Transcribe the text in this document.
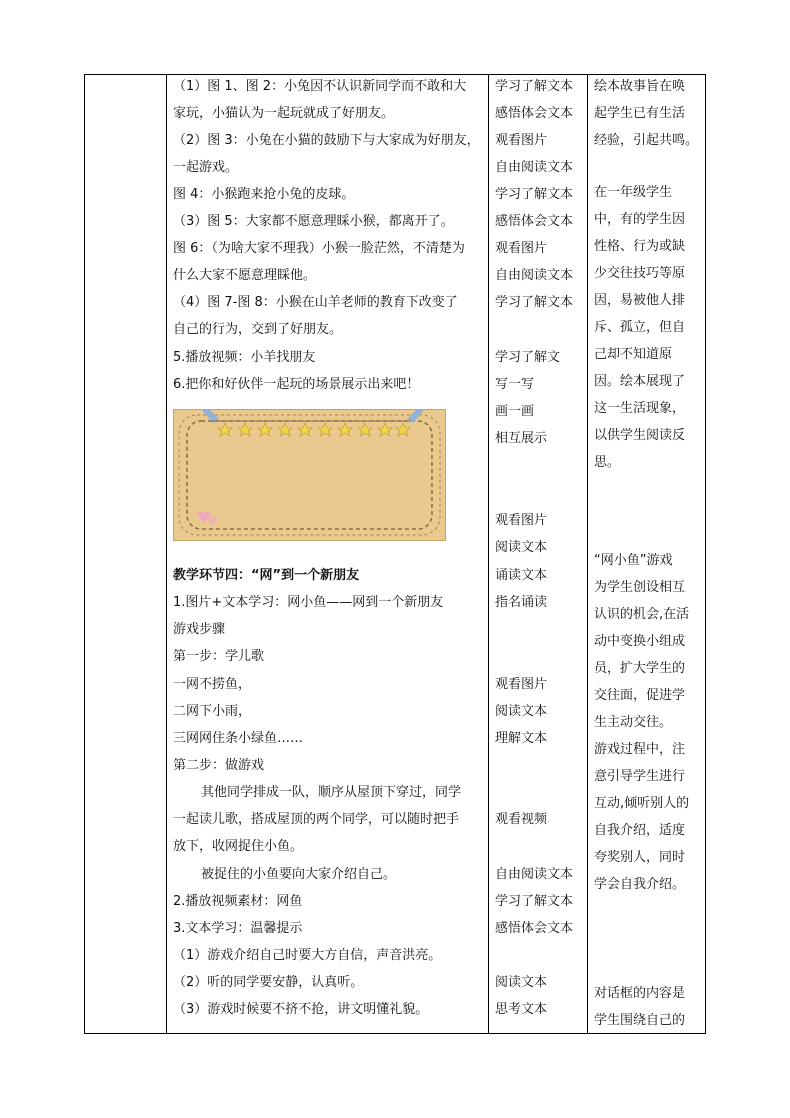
（1）图 1、图 2：小兔因不认识新同学而不敢和大
家玩，小猫认为一起玩就成了好朋友。
（2）图 3：小兔在小猫的鼓励下与大家成为好朋友，
一起游戏。
图 4：小猴跑来抢小兔的皮球。
（3）图 5：大家都不愿意理睬小猴，都离开了。
图 6：（为啥大家不理我）小猴一脸茫然，不清楚为
什么大家不愿意理睬他。
（4）图 7-图 8：小猴在山羊老师的教育下改变了
自己的行为，交到了好朋友。
5.播放视频：小羊找朋友
6.把你和好伙伴一起玩的场景展示出来吧！
教学环节四：“网”到一个新朋友
1.图片+文本学习：网小鱼——网到一个新朋友
游戏步骤
第一步：学儿歌
一网不捞鱼，
二网下小雨，
三网网住条小绿鱼……
第二步：做游戏
其他同学排成一队，顺序从屋顶下穿过，同学
一起读儿歌，搭成屋顶的两个同学，可以随时把手
放下，收网捉住小鱼。
被捉住的小鱼要向大家介绍自己。
2.播放视频素材：网鱼
3.文本学习：温馨提示
（1）游戏介绍自己时要大方自信，声音洪亮。
（2）听的同学要安静，认真听。
（3）游戏时候要不挤不抢，讲文明懂礼貌。
学习了解文本
感悟体会文本
观看图片
自由阅读文本
学习了解文本
感悟体会文本
观看图片
自由阅读文本
学习了解文本
学习了解文
写一写
画一画
相互展示
观看图片
阅读文本
诵读文本
指名诵读
观看图片
阅读文本
理解文本
观看视频
自由阅读文本
学习了解文本
感悟体会文本
阅读文本
思考文本
绘本故事旨在唤
起学生已有生活
经验，引起共鸣。
在一年级学生
中，有的学生因
性格、行为或缺
少交往技巧等原
因，易被他人排
斥、孤立，但自
己却不知道原
因。绘本展现了
这一生活现象，
以供学生阅读反
思。
“网小鱼”游戏
为学生创设相互
认识的机会,在活
动中变换小组成
员，扩大学生的
交往面，促进学
生主动交往。
游戏过程中，注
意引导学生进行
互动,倾听别人的
自我介绍，适度
夸奖别人，同时
学会自我介绍。
对话框的内容是
学生围绕自己的
